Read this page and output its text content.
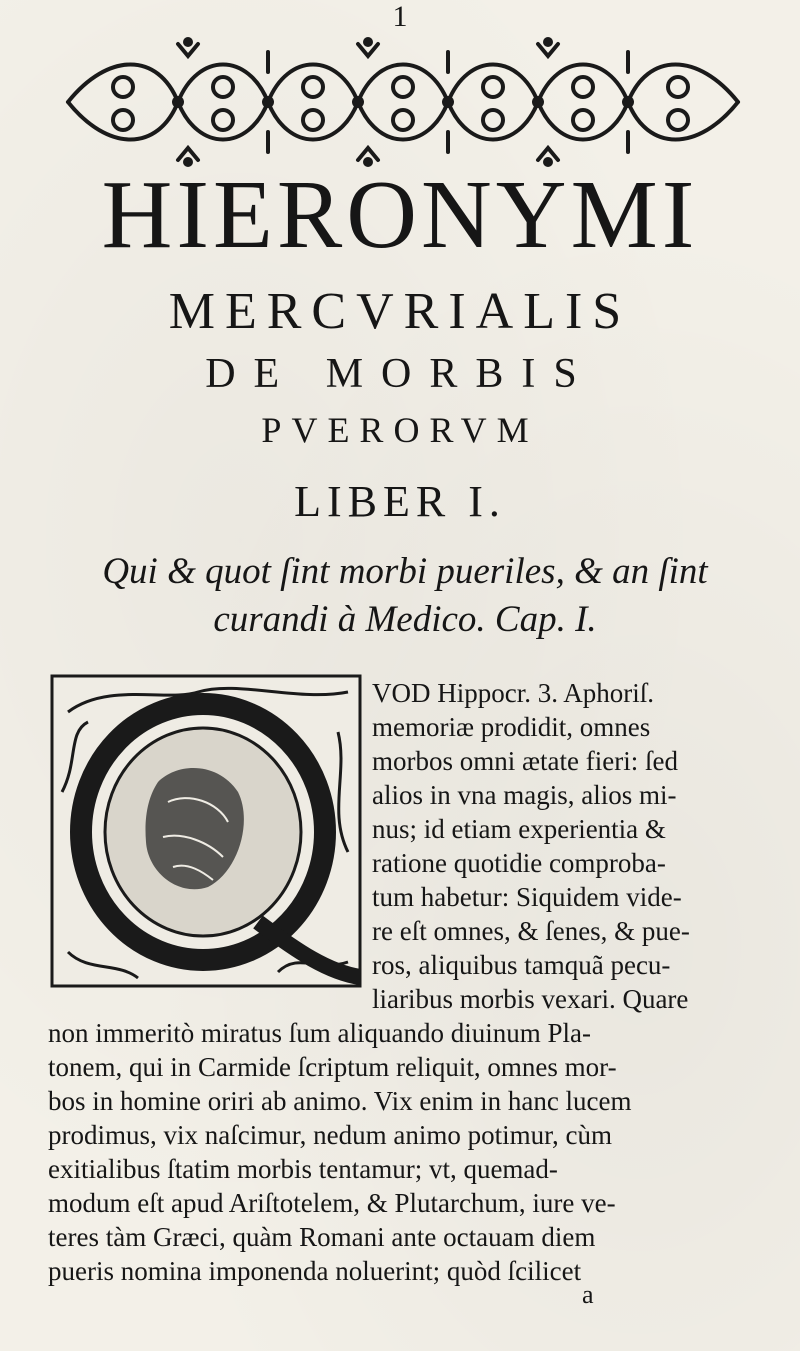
1
HIERONYMI
MERCVRIALIS
DE MORBIS
PVERORVM
LIBER I.
Qui & quot ſint morbi pueriles, & an ſint
curandi à Medico. Cap. I.
VOD Hippocr. 3. Aphoriſ.
memoriæ prodidit, omnes
morbos omni ætate fieri: ſed
alios in vna magis, alios mi-
nus; id etiam experientia &
ratione quotidie comproba-
tum habetur: Siquidem vide-
re eſt omnes, & ſenes, & pue-
ros, aliquibus tamquã pecu-
liaribus morbis vexari. Quare
non immeritò miratus ſum aliquando diuinum Pla-
tonem, qui in Carmide ſcriptum reliquit, omnes mor-
bos in homine oriri ab animo. Vix enim in hanc lucem
prodimus, vix naſcimur, nedum animo potimur, cùm
exitialibus ſtatim morbis tentamur; vt, quemad-
modum eſt apud Ariſtotelem, & Plutarchum, iure ve-
teres tàm Græci, quàm Romani ante octauam diem
pueris nomina imponenda noluerint; quòd ſcilicet
a
